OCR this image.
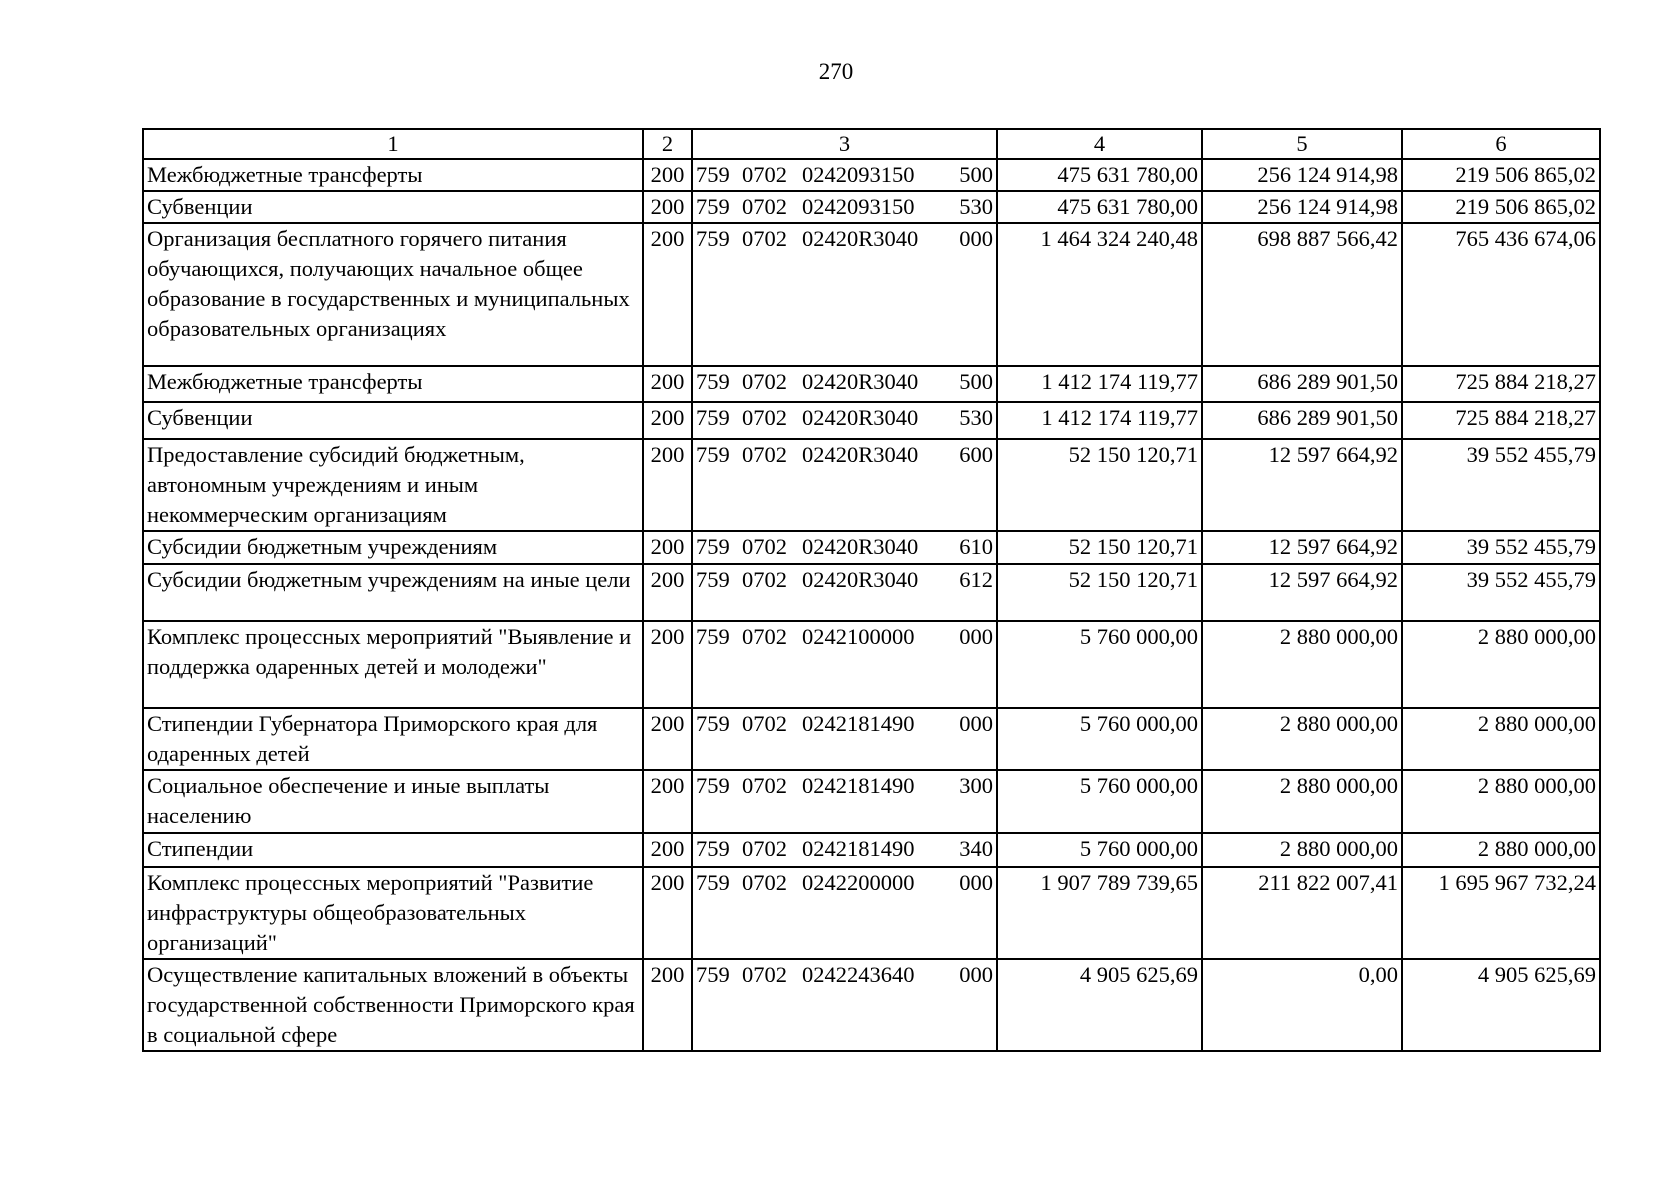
270
1	2	3	4	5	6
Межбюджетные трансферты	200	759 0702 0242093150 500	475 631 780,00	256 124 914,98	219 506 865,02
Субвенции	200	759 0702 0242093150 530	475 631 780,00	256 124 914,98	219 506 865,02
Организация бесплатного горячего питания обучающихся, получающих начальное общее образование в государственных и муниципальных образовательных организациях	200	759 0702 02420R3040 000	1 464 324 240,48	698 887 566,42	765 436 674,06
Межбюджетные трансферты	200	759 0702 02420R3040 500	1 412 174 119,77	686 289 901,50	725 884 218,27
Субвенции	200	759 0702 02420R3040 530	1 412 174 119,77	686 289 901,50	725 884 218,27
Предоставление субсидий бюджетным, автономным учреждениям и иным некоммерческим организациям	200	759 0702 02420R3040 600	52 150 120,71	12 597 664,92	39 552 455,79
Субсидии бюджетным учреждениям	200	759 0702 02420R3040 610	52 150 120,71	12 597 664,92	39 552 455,79
Субсидии бюджетным учреждениям на иные цели	200	759 0702 02420R3040 612	52 150 120,71	12 597 664,92	39 552 455,79
Комплекс процессных мероприятий "Выявление и поддержка одаренных детей и молодежи"	200	759 0702 0242100000 000	5 760 000,00	2 880 000,00	2 880 000,00
Стипендии Губернатора Приморского края для одаренных детей	200	759 0702 0242181490 000	5 760 000,00	2 880 000,00	2 880 000,00
Социальное обеспечение и иные выплаты населению	200	759 0702 0242181490 300	5 760 000,00	2 880 000,00	2 880 000,00
Стипендии	200	759 0702 0242181490 340	5 760 000,00	2 880 000,00	2 880 000,00
Комплекс процессных мероприятий "Развитие инфраструктуры общеобразовательных организаций"	200	759 0702 0242200000 000	1 907 789 739,65	211 822 007,41	1 695 967 732,24
Осуществление капитальных вложений в объекты государственной собственности Приморского края в социальной сфере	200	759 0702 0242243640 000	4 905 625,69	0,00	4 905 625,69
